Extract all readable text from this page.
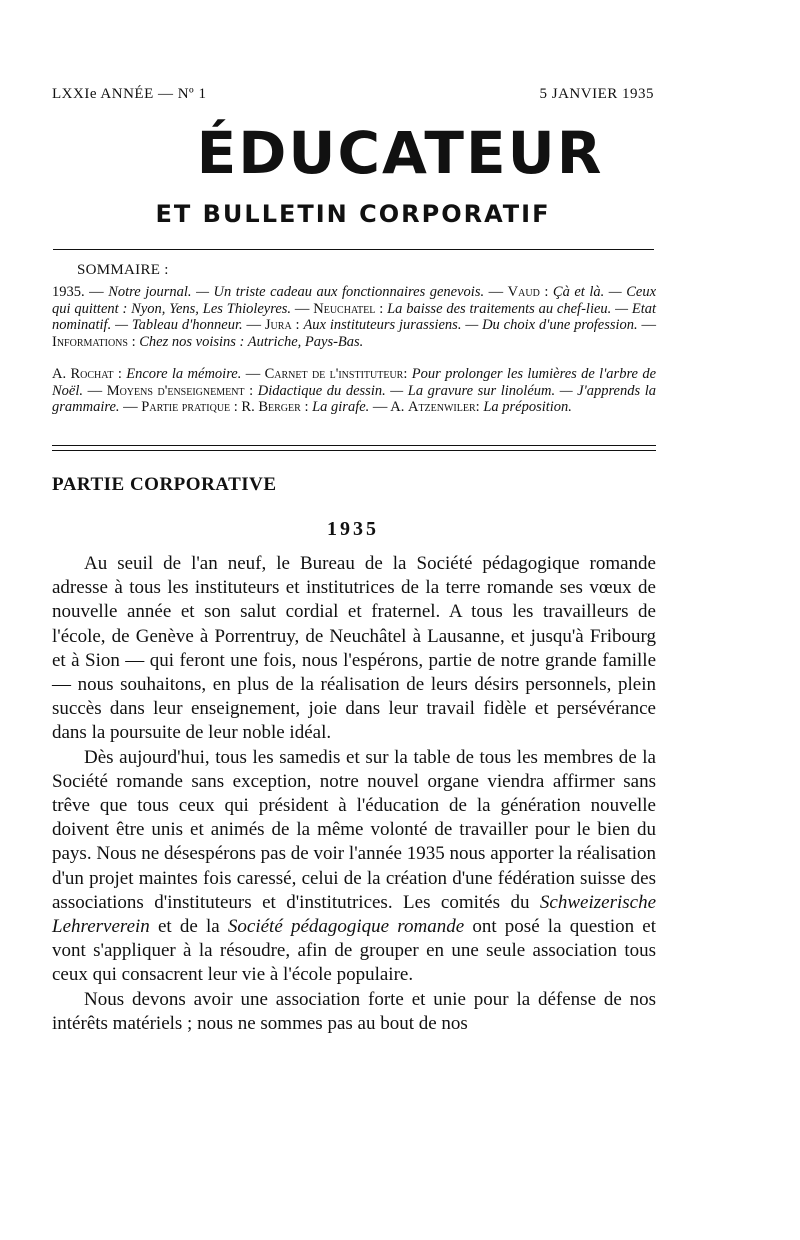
LXXIe ANNÉE — Nº 1	5 JANVIER 1935
ÉDUCATEUR
ET BULLETIN CORPORATIF
SOMMAIRE :
1935. — Notre journal. — Un triste cadeau aux fonctionnaires genevois. — Vaud : Çà et là. — Ceux qui quittent : Nyon, Yens, Les Thioleyres. — Neuchatel : La baisse des traitements au chef-lieu. — Etat nominatif. — Tableau d'honneur. — Jura : Aux instituteurs jurassiens. — Du choix d'une profession. — Informations : Chez nos voisins : Autriche, Pays-Bas.
A. Rochat : Encore la mémoire. — Carnet de l'instituteur: Pour prolonger les lumières de l'arbre de Noël. — Moyens d'enseignement : Didactique du dessin. — La gravure sur linoléum. — J'apprends la grammaire. — Partie pratique : R. Berger : La girafe. — A. Atzenwiler: La préposition.
PARTIE CORPORATIVE
1935

Au seuil de l'an neuf, le Bureau de la Société pédagogique romande adresse à tous les instituteurs et institutrices de la terre romande ses vœux de nouvelle année et son salut cordial et fraternel. A tous les travailleurs de l'école, de Genève à Porrentruy, de Neuchâtel à Lausanne, et jusqu'à Fribourg et à Sion — qui feront une fois, nous l'espérons, partie de notre grande famille — nous souhaitons, en plus de la réalisation de leurs désirs personnels, plein succès dans leur enseignement, joie dans leur travail fidèle et persévérance dans la poursuite de leur noble idéal.

Dès aujourd'hui, tous les samedis et sur la table de tous les membres de la Société romande sans exception, notre nouvel organe viendra affirmer sans trêve que tous ceux qui président à l'éducation de la génération nouvelle doivent être unis et animés de la même volonté de travailler pour le bien du pays. Nous ne désespérons pas de voir l'année 1935 nous apporter la réalisation d'un projet maintes fois caressé, celui de la création d'une fédération suisse des associations d'instituteurs et d'institutrices. Les comités du Schweizerische Lehrerverein et de la Société pédagogique romande ont posé la question et vont s'appliquer à la résoudre, afin de grouper en une seule association tous ceux qui consacrent leur vie à l'école populaire.

Nous devons avoir une association forte et unie pour la défense de nos intérêts matériels ; nous ne sommes pas au bout de nos
